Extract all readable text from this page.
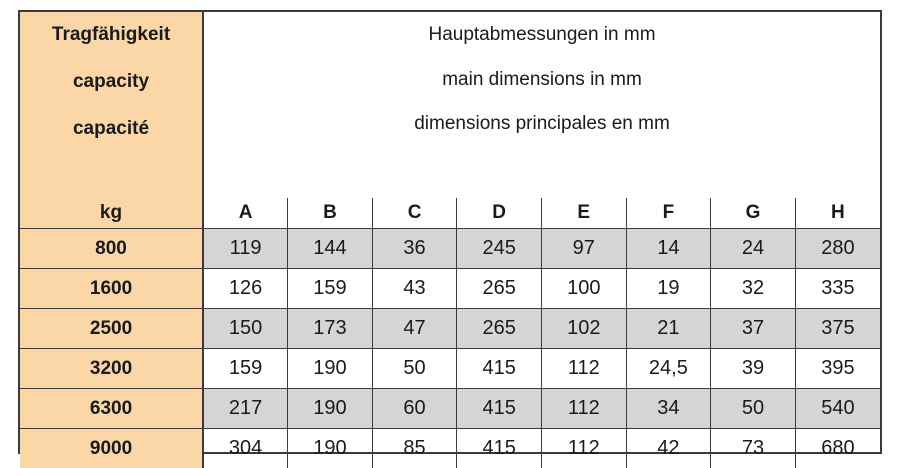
Tragfähigkeit
capacity
capacité	Hauptabmessungen in mm
main dimensions in mm
dimensions principales en mm							

kg	A	B	C	D	E	F	G	H
800	119	144	36	245	97	14	24	280
1600	126	159	43	265	100	19	32	335
2500	150	173	47	265	102	21	37	375
3200	159	190	50	415	112	24,5	39	395
6300	217	190	60	415	112	34	50	540
9000	304	190	85	415	112	42	73	680
